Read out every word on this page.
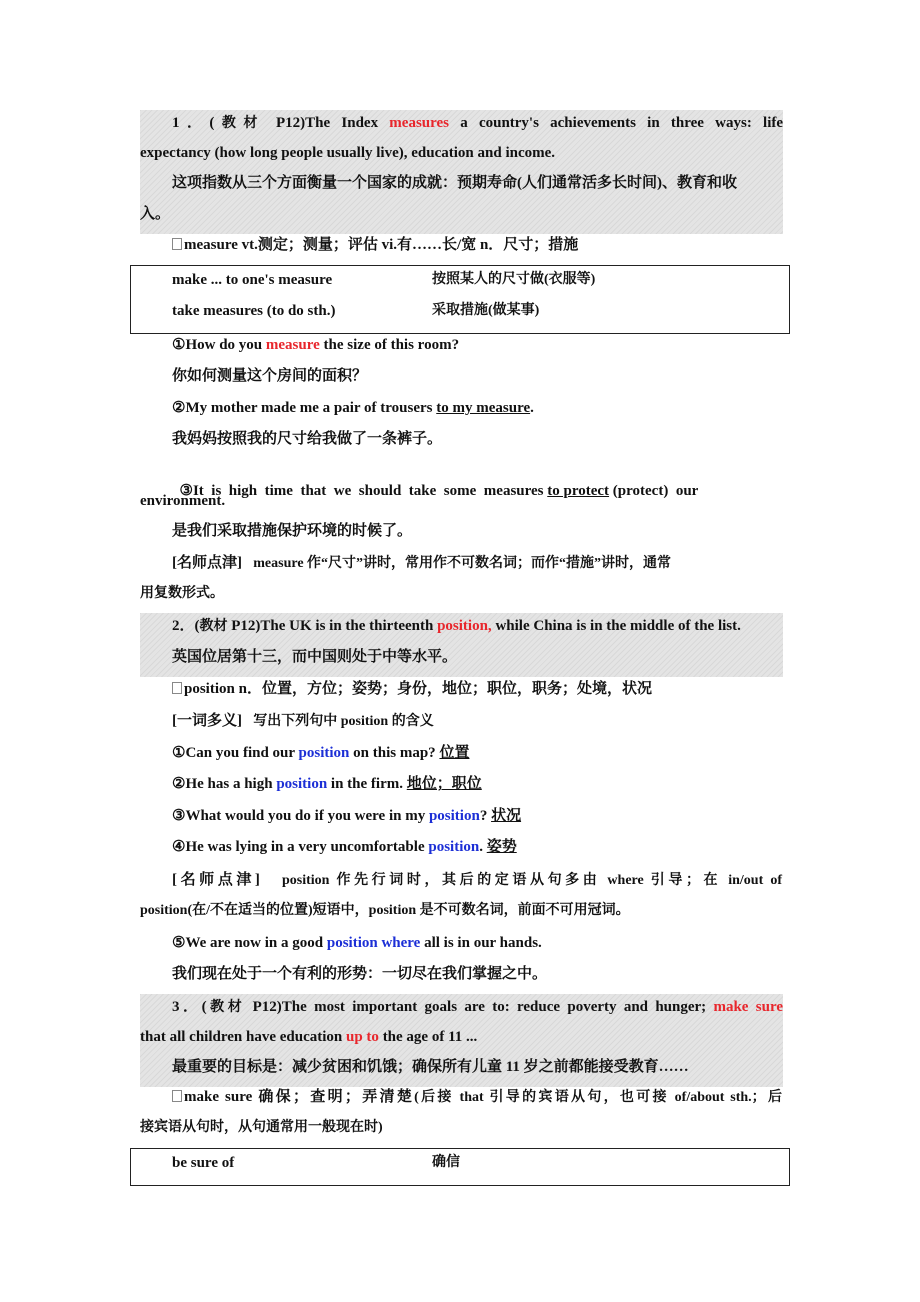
1．(教材 P12)The Index measures a country's achievements in three ways: life
expectancy (how long people usually live), education and income.
这项指数从三个方面衡量一个国家的成就：预期寿命(人们通常活多长时间)、教育和收
入。
measure vt.测定；测量；评估 vi.有……长/宽 n．尺寸；措施
make ... to one's measure	按照某人的尺寸做(衣服等)
take measures (to do sth.)	采取措施(做某事)
①How do you measure the size of this room?
你如何测量这个房间的面积？
②My mother made me a pair of trousers to my measure.
我妈妈按照我的尺寸给我做了一条裤子。

③It  is  high  time  that  we  should  take  some  measures to protect (protect)  our

environment.
是我们采取措施保护环境的时候了。
[名师点津] measure 作“尺寸”讲时，常用作不可数名词；而作“措施”讲时，通常
用复数形式。
2．(教材 P12)The UK is in the thirteenth position, while China is in the middle of the list.
英国位居第十三，而中国则处于中等水平。
position n．位置，方位；姿势；身份，地位；职位，职务；处境，状况
[一词多义] 写出下列句中 position 的含义
①Can you find our position on this map? 位置
②He has a high position in the firm. 地位；职位
③What would you do if you were in my position? 状况
④He was lying in a very uncomfortable position. 姿势
[名师点津] position 作先行词时，其后的定语从句多由 where 引导；在 in/out of
position(在/不在适当的位置)短语中，position 是不可数名词，前面不可用冠词。
⑤We are now in a good position where all is in our hands.
我们现在处于一个有利的形势：一切尽在我们掌握之中。
3．(教材 P12)The most important goals are to: reduce poverty and hunger; make sure
that all children have education up to the age of 11 ...
最重要的目标是：减少贫困和饥饿；确保所有儿童 11 岁之前都能接受教育……
make sure 确保；查明；弄清楚(后接 that 引导的宾语从句，也可接 of/about sth.；后
接宾语从句时，从句通常用一般现在时)
be sure of	确信
